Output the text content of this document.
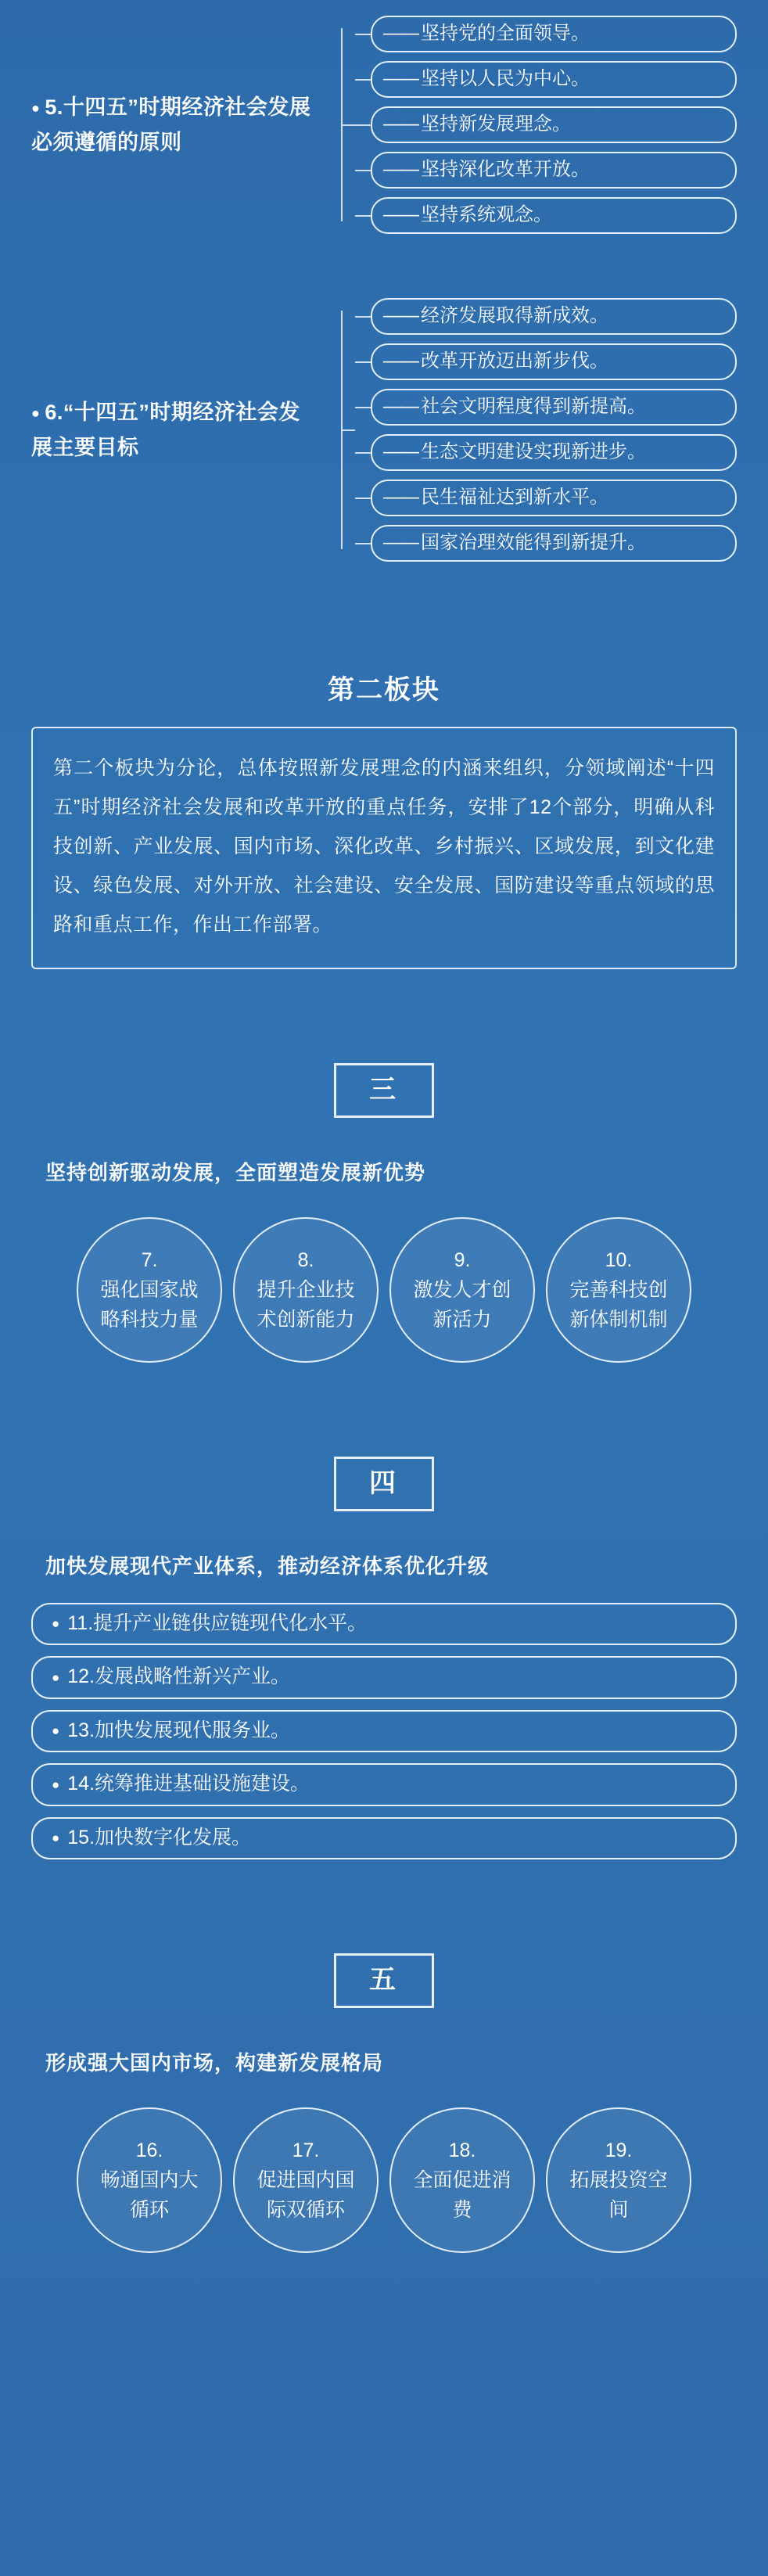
● 5.十四五”时期经济社会发展必须遵循的原则
—— 坚持党的全面领导。
—— 坚持以人民为中心。
—— 坚持新发展理念。
—— 坚持深化改革开放。
—— 坚持系统观念。
● 6.“十四五”时期经济社会发展主要目标
—— 经济发展取得新成效。
—— 改革开放迈出新步伐。
—— 社会文明程度得到新提高。
—— 生态文明建设实现新进步。
—— 民生福祉达到新水平。
—— 国家治理效能得到新提升。
第二板块
第二个板块为分论，总体按照新发展理念的内涵来组织，分领域阐述“十四五”时期经济社会发展和改革开放的重点任务，安排了12个部分，明确从科技创新、产业发展、国内市场、深化改革、乡村振兴、区域发展，到文化建设、绿色发展、对外开放、社会建设、安全发展、国防建设等重点领域的思路和重点工作，作出工作部署。
三
坚持创新驱动发展，全面塑造发展新优势
7.
强化国家战略科技力量
8.
提升企业技术创新能力
9.
激发人才创新活力
10.
完善科技创新体制机制
四
加快发展现代产业体系，推动经济体系优化升级
● 11.提升产业链供应链现代化水平。
● 12.发展战略性新兴产业。
● 13.加快发展现代服务业。
● 14.统筹推进基础设施建设。
● 15.加快数字化发展。
五
形成强大国内市场，构建新发展格局
16.
畅通国内大循环
17.
促进国内国际双循环
18.
全面促进消费
19.
拓展投资空间
